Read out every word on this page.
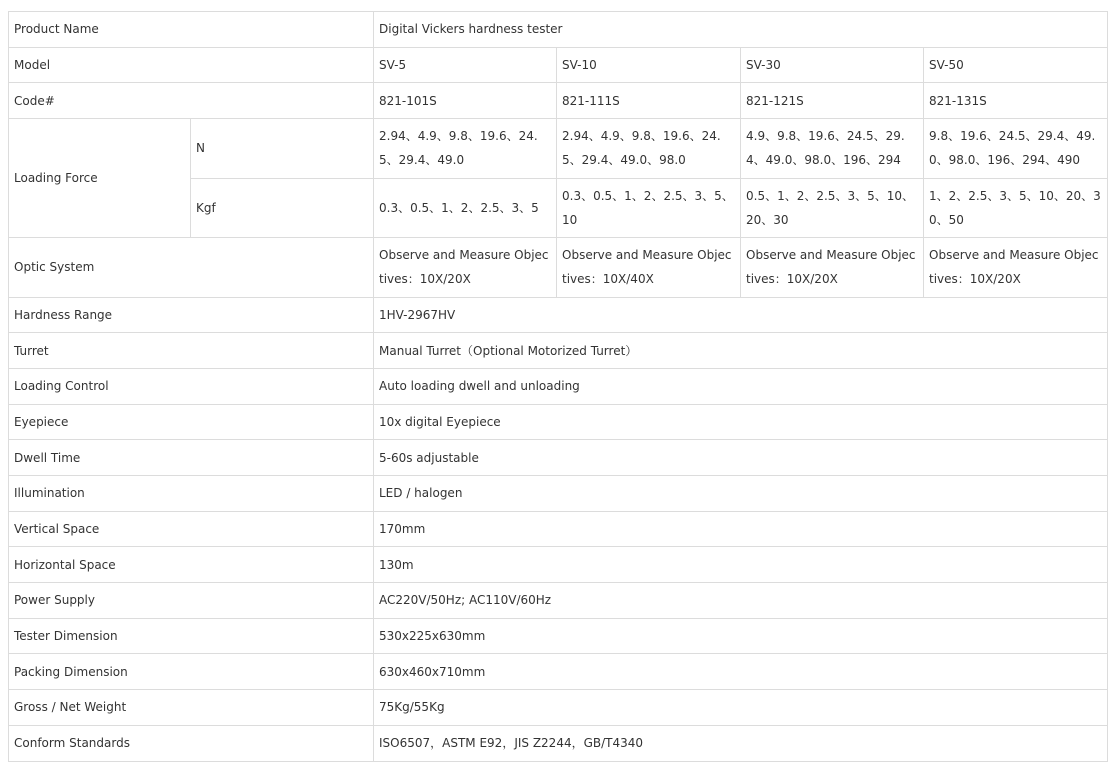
Product Name		Digital Vickers hardness tester			
Model		SV-5	SV-10	SV-30	SV-50
Code#		821-101S	821-111S	821-121S	821-131S
Loading Force	N	2.94、4.9、9.8、19.6、24.5、29.4、49.0	2.94、4.9、9.8、19.6、24.5、29.4、49.0、98.0	4.9、9.8、19.6、24.5、29.4、49.0、98.0、196、294	9.8、19.6、24.5、29.4、49.0、98.0、196、294、490
	Kgf	0.3、0.5、1、2、2.5、3、5	0.3、0.5、1、2、2.5、3、5、10	0.5、1、2、2.5、3、5、10、20、30	1、2、2.5、3、5、10、20、30、50
Optic System		Observe and Measure Objectives：10X/20X	Observe and Measure Objectives：10X/40X	Observe and Measure Objectives：10X/20X	Observe and Measure Objectives：10X/20X
Hardness Range		1HV-2967HV			
Turret		Manual Turret（Optional Motorized Turret）			
Loading Control		Auto loading dwell and unloading			
Eyepiece		10x digital Eyepiece			
Dwell Time		5-60s adjustable			
Illumination		LED / halogen			
Vertical Space		170mm			
Horizontal Space		130m			
Power Supply		AC220V/50Hz; AC110V/60Hz			
Tester Dimension		530x225x630mm			
Packing Dimension		630x460x710mm			
Gross / Net Weight		75Kg/55Kg			
Conform Standards		ISO6507，ASTM E92，JIS Z2244，GB/T4340			
